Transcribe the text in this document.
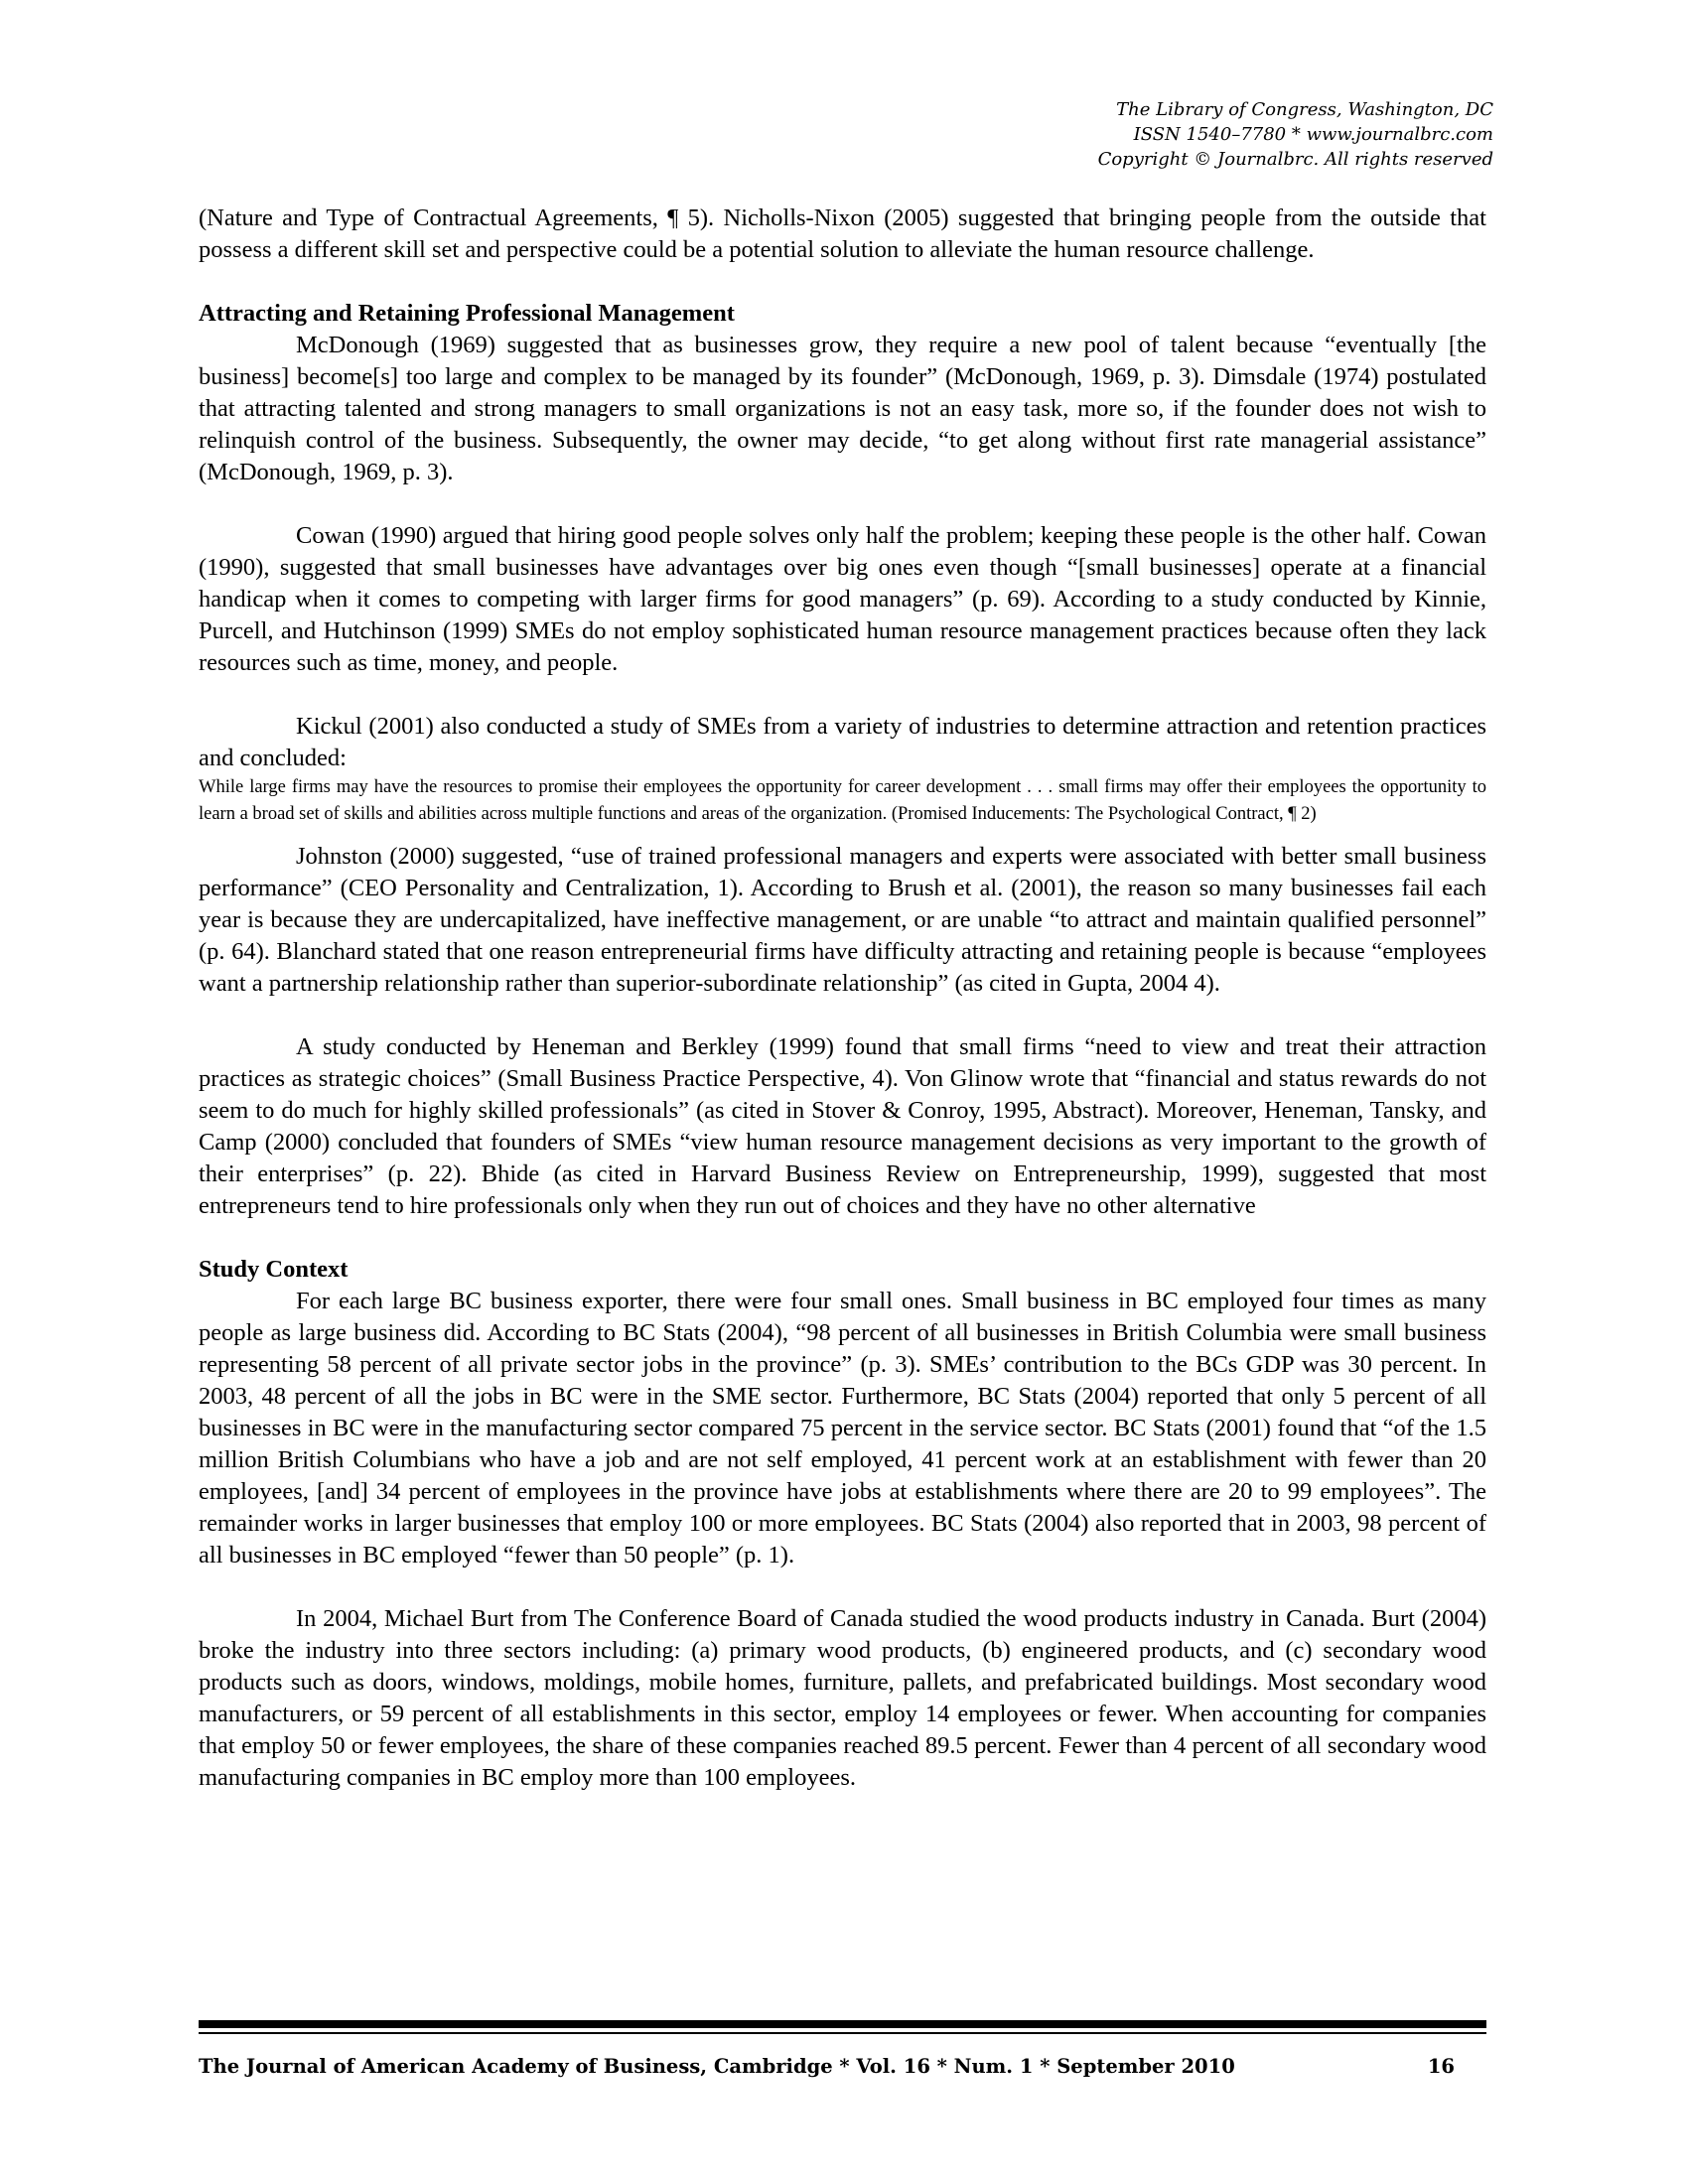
The Library of Congress, Washington, DC
ISSN 1540–7780 * www.journalbrc.com
Copyright © Journalbrc. All rights reserved

(Nature and Type of Contractual Agreements, ¶ 5). Nicholls-Nixon (2005) suggested that bringing people from the outside that possess a different skill set and perspective could be a potential solution to alleviate the human resource challenge.

Attracting and Retaining Professional Management

McDonough (1969) suggested that as businesses grow, they require a new pool of talent because “eventually [the business] become[s] too large and complex to be managed by its founder” (McDonough, 1969, p. 3). Dimsdale (1974) postulated that attracting talented and strong managers to small organizations is not an easy task, more so, if the founder does not wish to relinquish control of the business. Subsequently, the owner may decide, “to get along without first rate managerial assistance” (McDonough, 1969, p. 3).

Cowan (1990) argued that hiring good people solves only half the problem; keeping these people is the other half. Cowan (1990), suggested that small businesses have advantages over big ones even though “[small businesses] operate at a financial handicap when it comes to competing with larger firms for good managers” (p. 69). According to a study conducted by Kinnie, Purcell, and Hutchinson (1999) SMEs do not employ sophisticated human resource management practices because often they lack resources such as time, money, and people.

Kickul (2001) also conducted a study of SMEs from a variety of industries to determine attraction and retention practices and concluded:

While large firms may have the resources to promise their employees the opportunity for career development . . . small firms may offer their employees the opportunity to learn a broad set of skills and abilities across multiple functions and areas of the organization. (Promised Inducements: The Psychological Contract, ¶ 2)

Johnston (2000) suggested, “use of trained professional managers and experts were associated with better small business performance” (CEO Personality and Centralization, 1). According to Brush et al. (2001), the reason so many businesses fail each year is because they are undercapitalized, have ineffective management, or are unable “to attract and maintain qualified personnel” (p. 64). Blanchard stated that one reason entrepreneurial firms have difficulty attracting and retaining people is because “employees want a partnership relationship rather than superior-subordinate relationship” (as cited in Gupta, 2004 4).

A study conducted by Heneman and Berkley (1999) found that small firms “need to view and treat their attraction practices as strategic choices” (Small Business Practice Perspective, 4). Von Glinow wrote that “financial and status rewards do not seem to do much for highly skilled professionals” (as cited in Stover & Conroy, 1995, Abstract). Moreover, Heneman, Tansky, and Camp (2000) concluded that founders of SMEs “view human resource management decisions as very important to the growth of their enterprises” (p. 22). Bhide (as cited in Harvard Business Review on Entrepreneurship, 1999), suggested that most entrepreneurs tend to hire professionals only when they run out of choices and they have no other alternative

Study Context

For each large BC business exporter, there were four small ones. Small business in BC employed four times as many people as large business did. According to BC Stats (2004), “98 percent of all businesses in British Columbia were small business representing 58 percent of all private sector jobs in the province” (p. 3). SMEs’ contribution to the BCs GDP was 30 percent. In 2003, 48 percent of all the jobs in BC were in the SME sector. Furthermore, BC Stats (2004) reported that only 5 percent of all businesses in BC were in the manufacturing sector compared 75 percent in the service sector. BC Stats (2001) found that “of the 1.5 million British Columbians who have a job and are not self employed, 41 percent work at an establishment with fewer than 20 employees, [and] 34 percent of employees in the province have jobs at establishments where there are 20 to 99 employees”. The remainder works in larger businesses that employ 100 or more employees. BC Stats (2004) also reported that in 2003, 98 percent of all businesses in BC employed “fewer than 50 people” (p. 1).

In 2004, Michael Burt from The Conference Board of Canada studied the wood products industry in Canada. Burt (2004) broke the industry into three sectors including: (a) primary wood products, (b) engineered products, and (c) secondary wood products such as doors, windows, moldings, mobile homes, furniture, pallets, and prefabricated buildings. Most secondary wood manufacturers, or 59 percent of all establishments in this sector, employ 14 employees or fewer. When accounting for companies that employ 50 or fewer employees, the share of these companies reached 89.5 percent. Fewer than 4 percent of all secondary wood manufacturing companies in BC employ more than 100 employees.

The Journal of American Academy of Business, Cambridge * Vol. 16 * Num. 1 * September 2010	16
